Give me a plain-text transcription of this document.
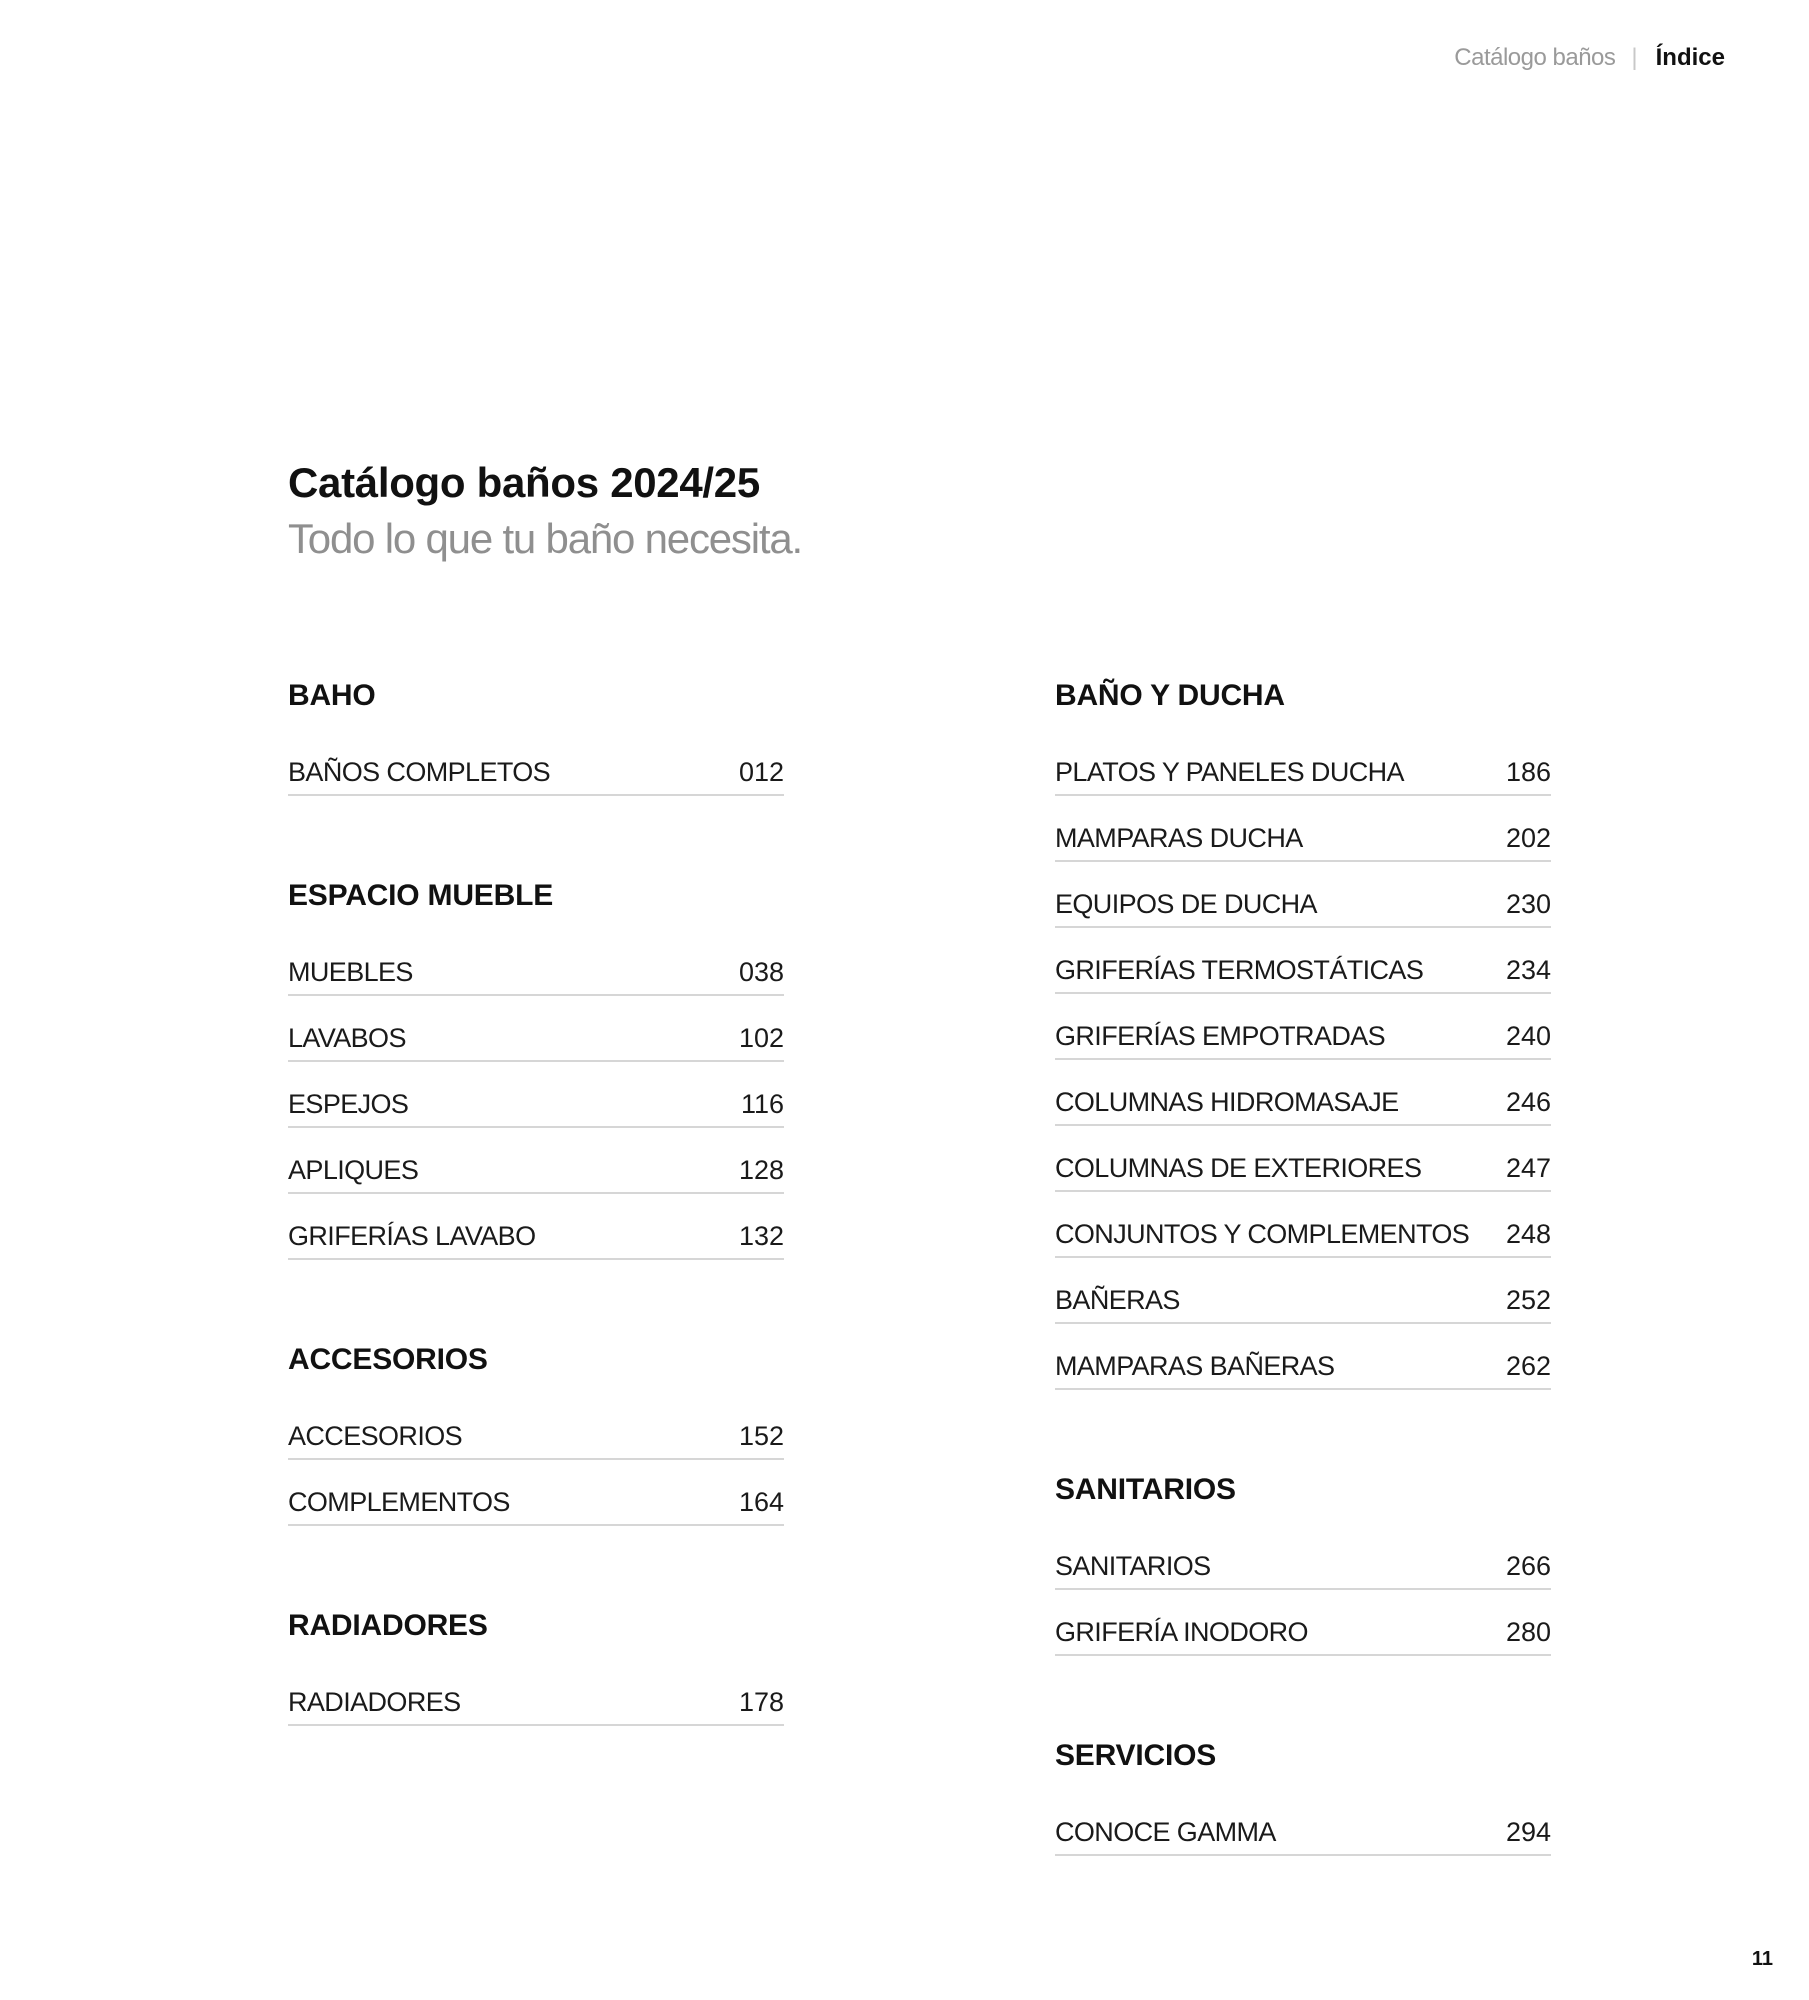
Catálogo baños | Índice
Catálogo baños 2024/25

Todo lo que tu baño necesita.

BAHO
BAÑOS COMPLETOS	012
ESPACIO MUEBLE
MUEBLES	038
LAVABOS	102
ESPEJOS	116
APLIQUES	128
GRIFERÍAS LAVABO	132
ACCESORIOS
ACCESORIOS	152
COMPLEMENTOS	164
RADIADORES
RADIADORES	178
BAÑO Y DUCHA
PLATOS Y PANELES DUCHA	186
MAMPARAS DUCHA	202
EQUIPOS DE DUCHA	230
GRIFERÍAS TERMOSTÁTICAS	234
GRIFERÍAS EMPOTRADAS	240
COLUMNAS HIDROMASAJE	246
COLUMNAS DE EXTERIORES	247
CONJUNTOS Y COMPLEMENTOS 248
BAÑERAS	252
MAMPARAS BAÑERAS	262
SANITARIOS
SANITARIOS	266
GRIFERÍA INODORO	280
SERVICIOS
CONOCE GAMMA	294
11
